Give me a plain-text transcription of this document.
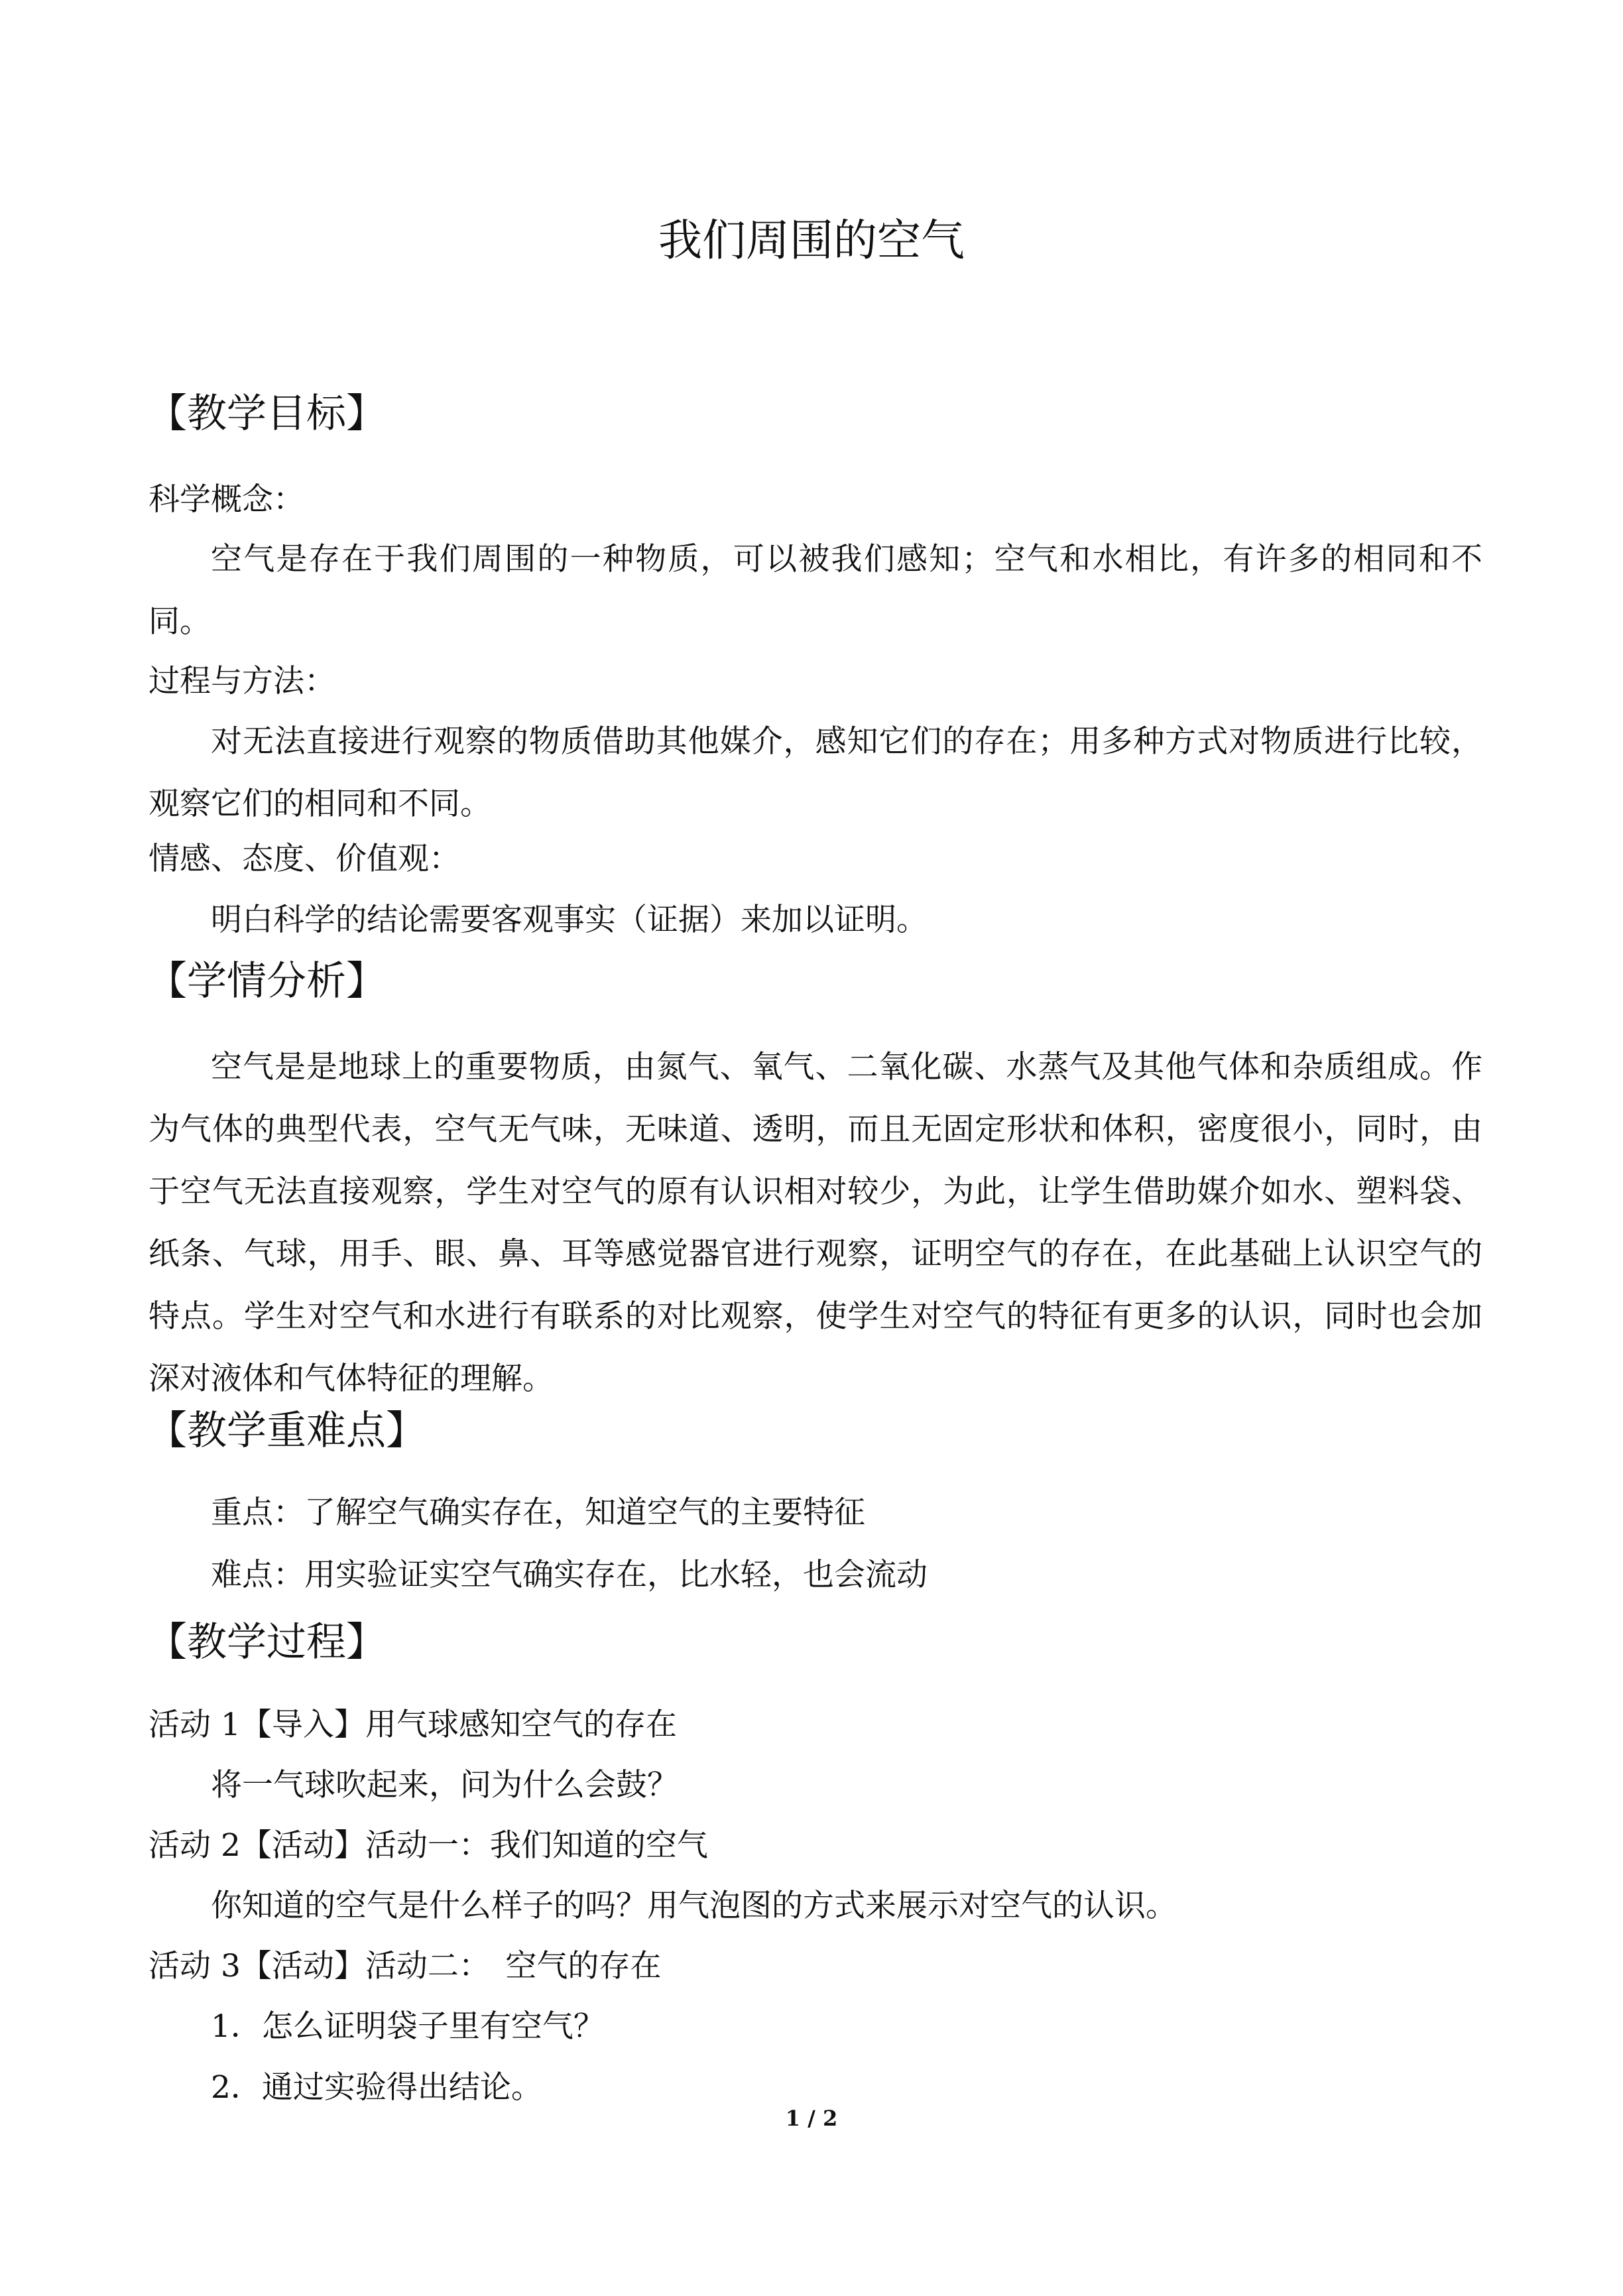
我们周围的空气
【教学目标】
科学概念：

空气是存在于我们周围的一种物质，可以被我们感知；空气和水相比，有许多的相同和不同。

过程与方法：

对无法直接进行观察的物质借助其他媒介，感知它们的存在；用多种方式对物质进行比较，观察它们的相同和不同。

情感、态度、价值观：
明白科学的结论需要客观事实（证据）来加以证明。
【学情分析】

空气是是地球上的重要物质，由氮气、氧气、二氧化碳、水蒸气及其他气体和杂质组成。作为气体的典型代表，空气无气味，无味道、透明，而且无固定形状和体积，密度很小，同时，由于空气无法直接观察，学生对空气的原有认识相对较少，为此，让学生借助媒介如水、塑料袋、纸条、气球，用手、眼、鼻、耳等感觉器官进行观察，证明空气的存在，在此基础上认识空气的特点。学生对空气和水进行有联系的对比观察，使学生对空气的特征有更多的认识，同时也会加深对液体和气体特征的理解。

【教学重难点】
重点：了解空气确实存在，知道空气的主要特征
难点：用实验证实空气确实存在，比水轻，也会流动
【教学过程】
活动 1【导入】用气球感知空气的存在
将一气球吹起来，问为什么会鼓？
活动 2【活动】活动一：我们知道的空气
你知道的空气是什么样子的吗？用气泡图的方式来展示对空气的认识。
活动 3【活动】活动二：　空气的存在
1．怎么证明袋子里有空气？
2．通过实验得出结论。
1 / 2
